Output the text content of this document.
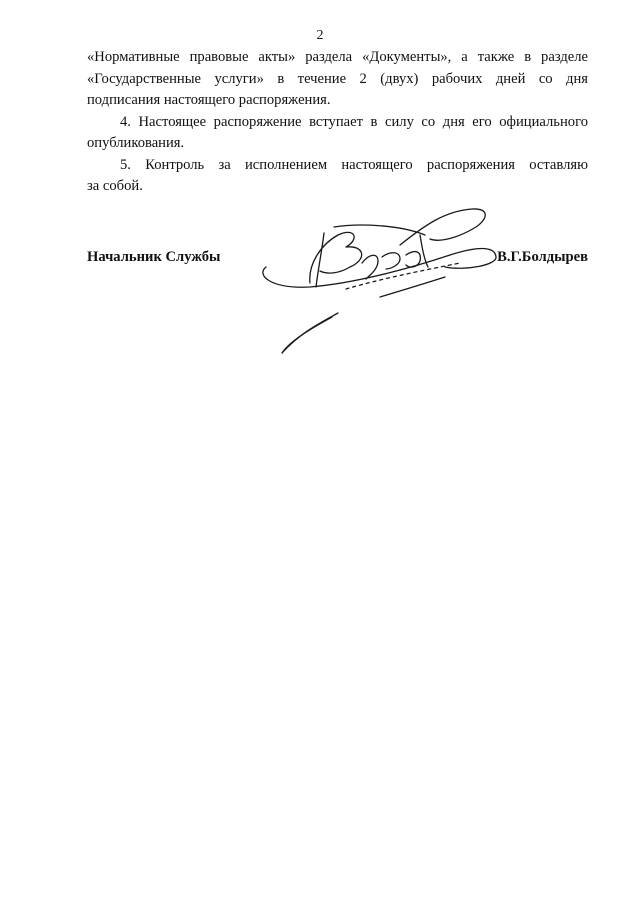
2

«Нормативные правовые акты» раздела «Документы», а также в разделе

«Государственные услуги» в течение 2 (двух) рабочих дней со дня

подписания настоящего распоряжения.

4. Настоящее распоряжение вступает в силу со дня его официального

опубликования.

5. Контроль за исполнением настоящего распоряжения оставляю

за собой.

Начальник Службы	В.Г.Болдырев
